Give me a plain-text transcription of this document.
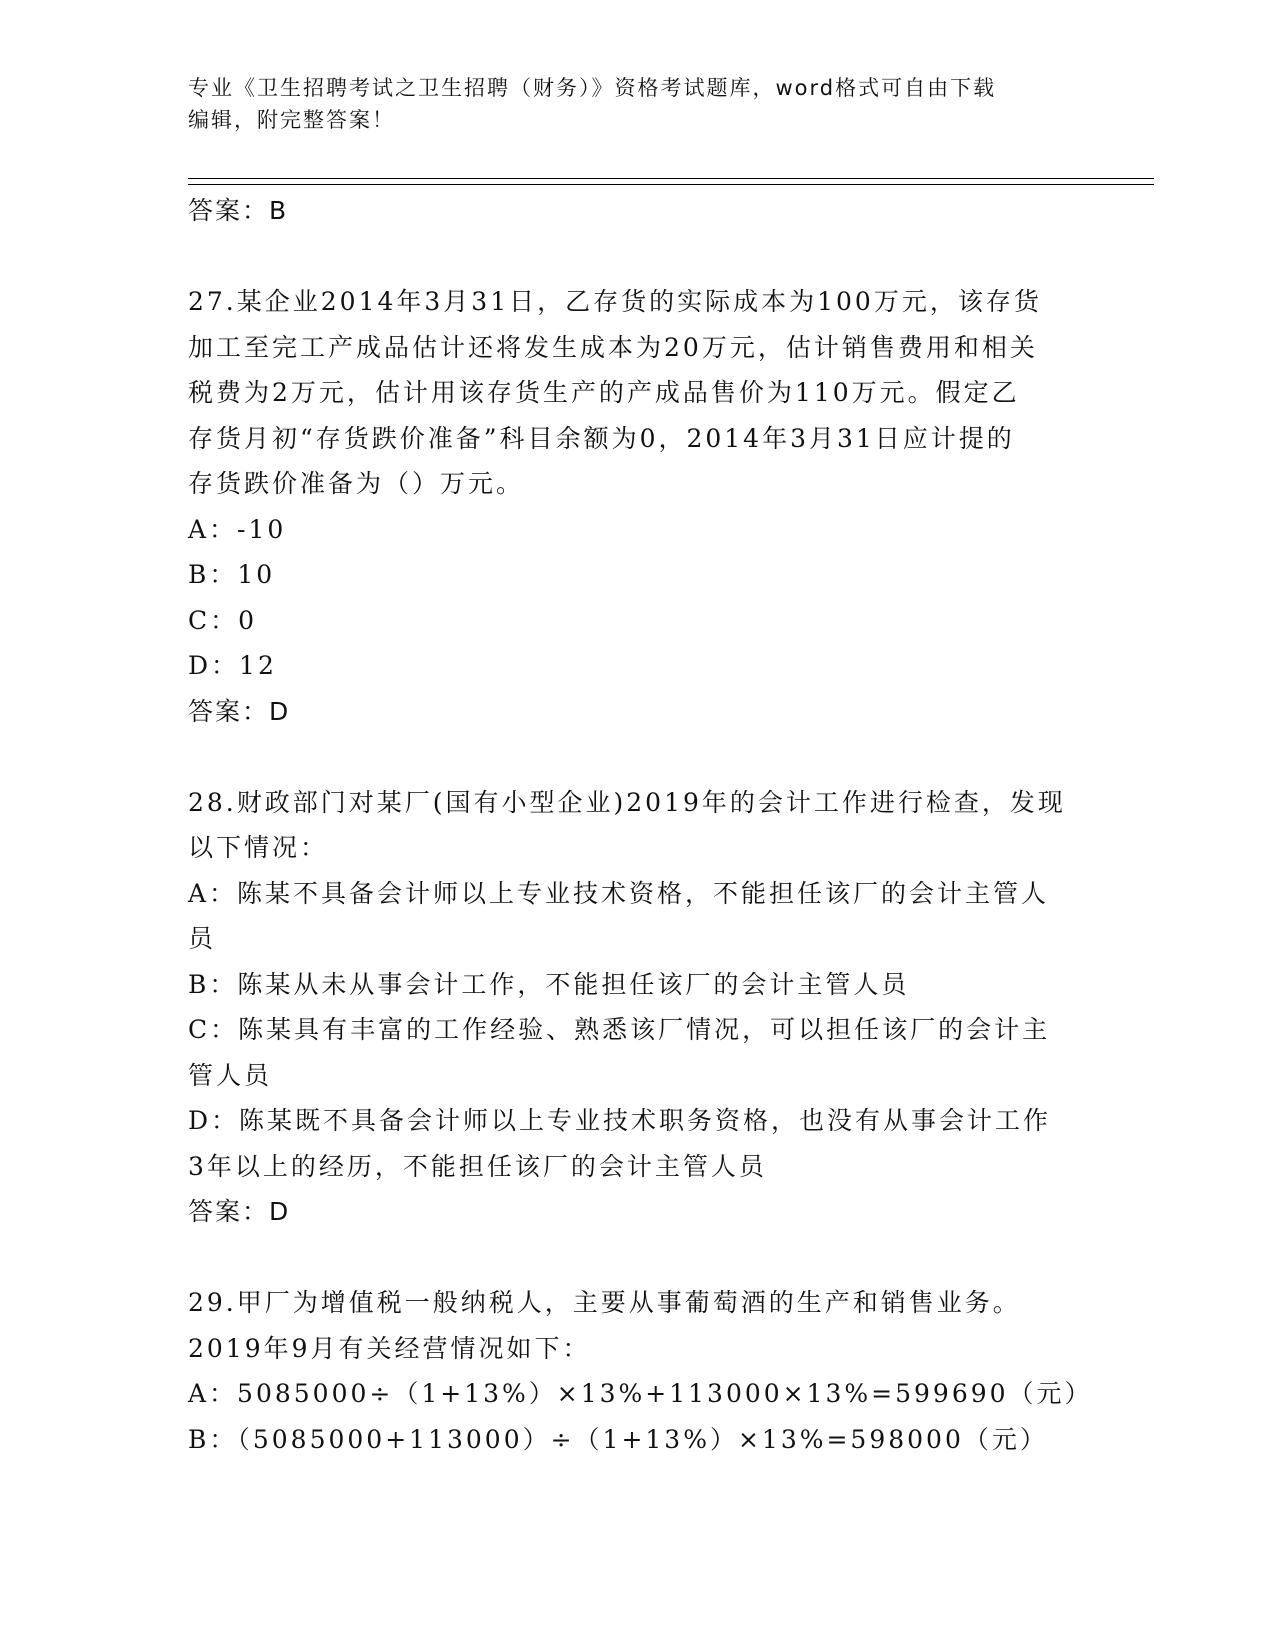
专业《卫生招聘考试之卫生招聘（财务）》资格考试题库，word格式可自由下载
编辑，附完整答案！
答案：B
27.某企业2014年3月31日，乙存货的实际成本为100万元，该存货
加工至完工产成品估计还将发生成本为20万元，估计销售费用和相关
税费为2万元，估计用该存货生产的产成品售价为110万元。假定乙
存货月初“存货跌价准备”科目余额为0，2014年3月31日应计提的
存货跌价准备为（）万元。
A：-10
B：10
C：0
D：12
答案：D
28.财政部门对某厂(国有小型企业)2019年的会计工作进行检查，发现
以下情况：
A：陈某不具备会计师以上专业技术资格，不能担任该厂的会计主管人
员
B：陈某从未从事会计工作，不能担任该厂的会计主管人员
C：陈某具有丰富的工作经验、熟悉该厂情况，可以担任该厂的会计主
管人员
D：陈某既不具备会计师以上专业技术职务资格，也没有从事会计工作
3年以上的经历，不能担任该厂的会计主管人员
答案：D
29.甲厂为增值税一般纳税人，主要从事葡萄酒的生产和销售业务。
2019年9月有关经营情况如下：
A：5085000÷（1+13%）×13%+113000×13%=599690（元）
B：（5085000+113000）÷（1+13%）×13%=598000（元）
